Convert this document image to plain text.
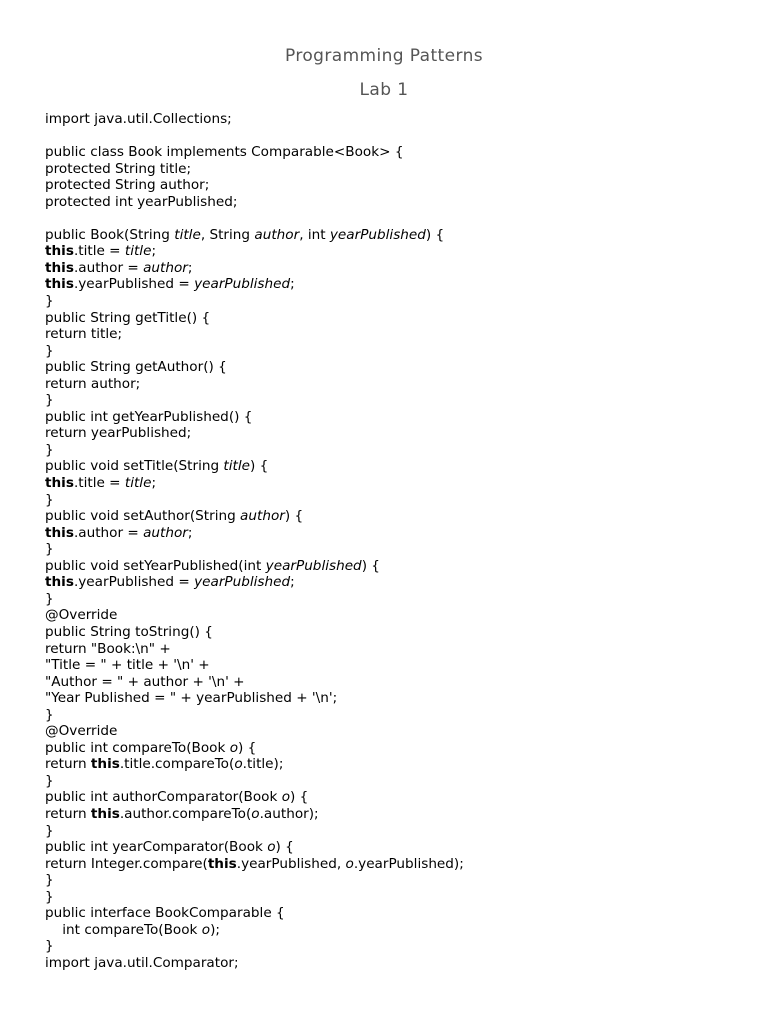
Programming Patterns
Lab 1
import java.util.Collections;
public class Book implements Comparable<Book> {
protected String title;
protected String author;
protected int yearPublished;
public Book(String title, String author, int yearPublished) {
this.title = title;
this.author = author;
this.yearPublished = yearPublished;
}
public String getTitle() {
return title;
}
public String getAuthor() {
return author;
}
public int getYearPublished() {
return yearPublished;
}
public void setTitle(String title) {
this.title = title;
}
public void setAuthor(String author) {
this.author = author;
}
public void setYearPublished(int yearPublished) {
this.yearPublished = yearPublished;
}
@Override
public String toString() {
return "Book:\n" +
"Title = " + title + '\n' +
"Author = " + author + '\n' +
"Year Published = " + yearPublished + '\n';
}
@Override
public int compareTo(Book o) {
return this.title.compareTo(o.title);
}
public int authorComparator(Book o) {
return this.author.compareTo(o.author);
}
public int yearComparator(Book o) {
return Integer.compare(this.yearPublished, o.yearPublished);
}
}
public interface BookComparable {
int compareTo(Book o);
}
import java.util.Comparator;
